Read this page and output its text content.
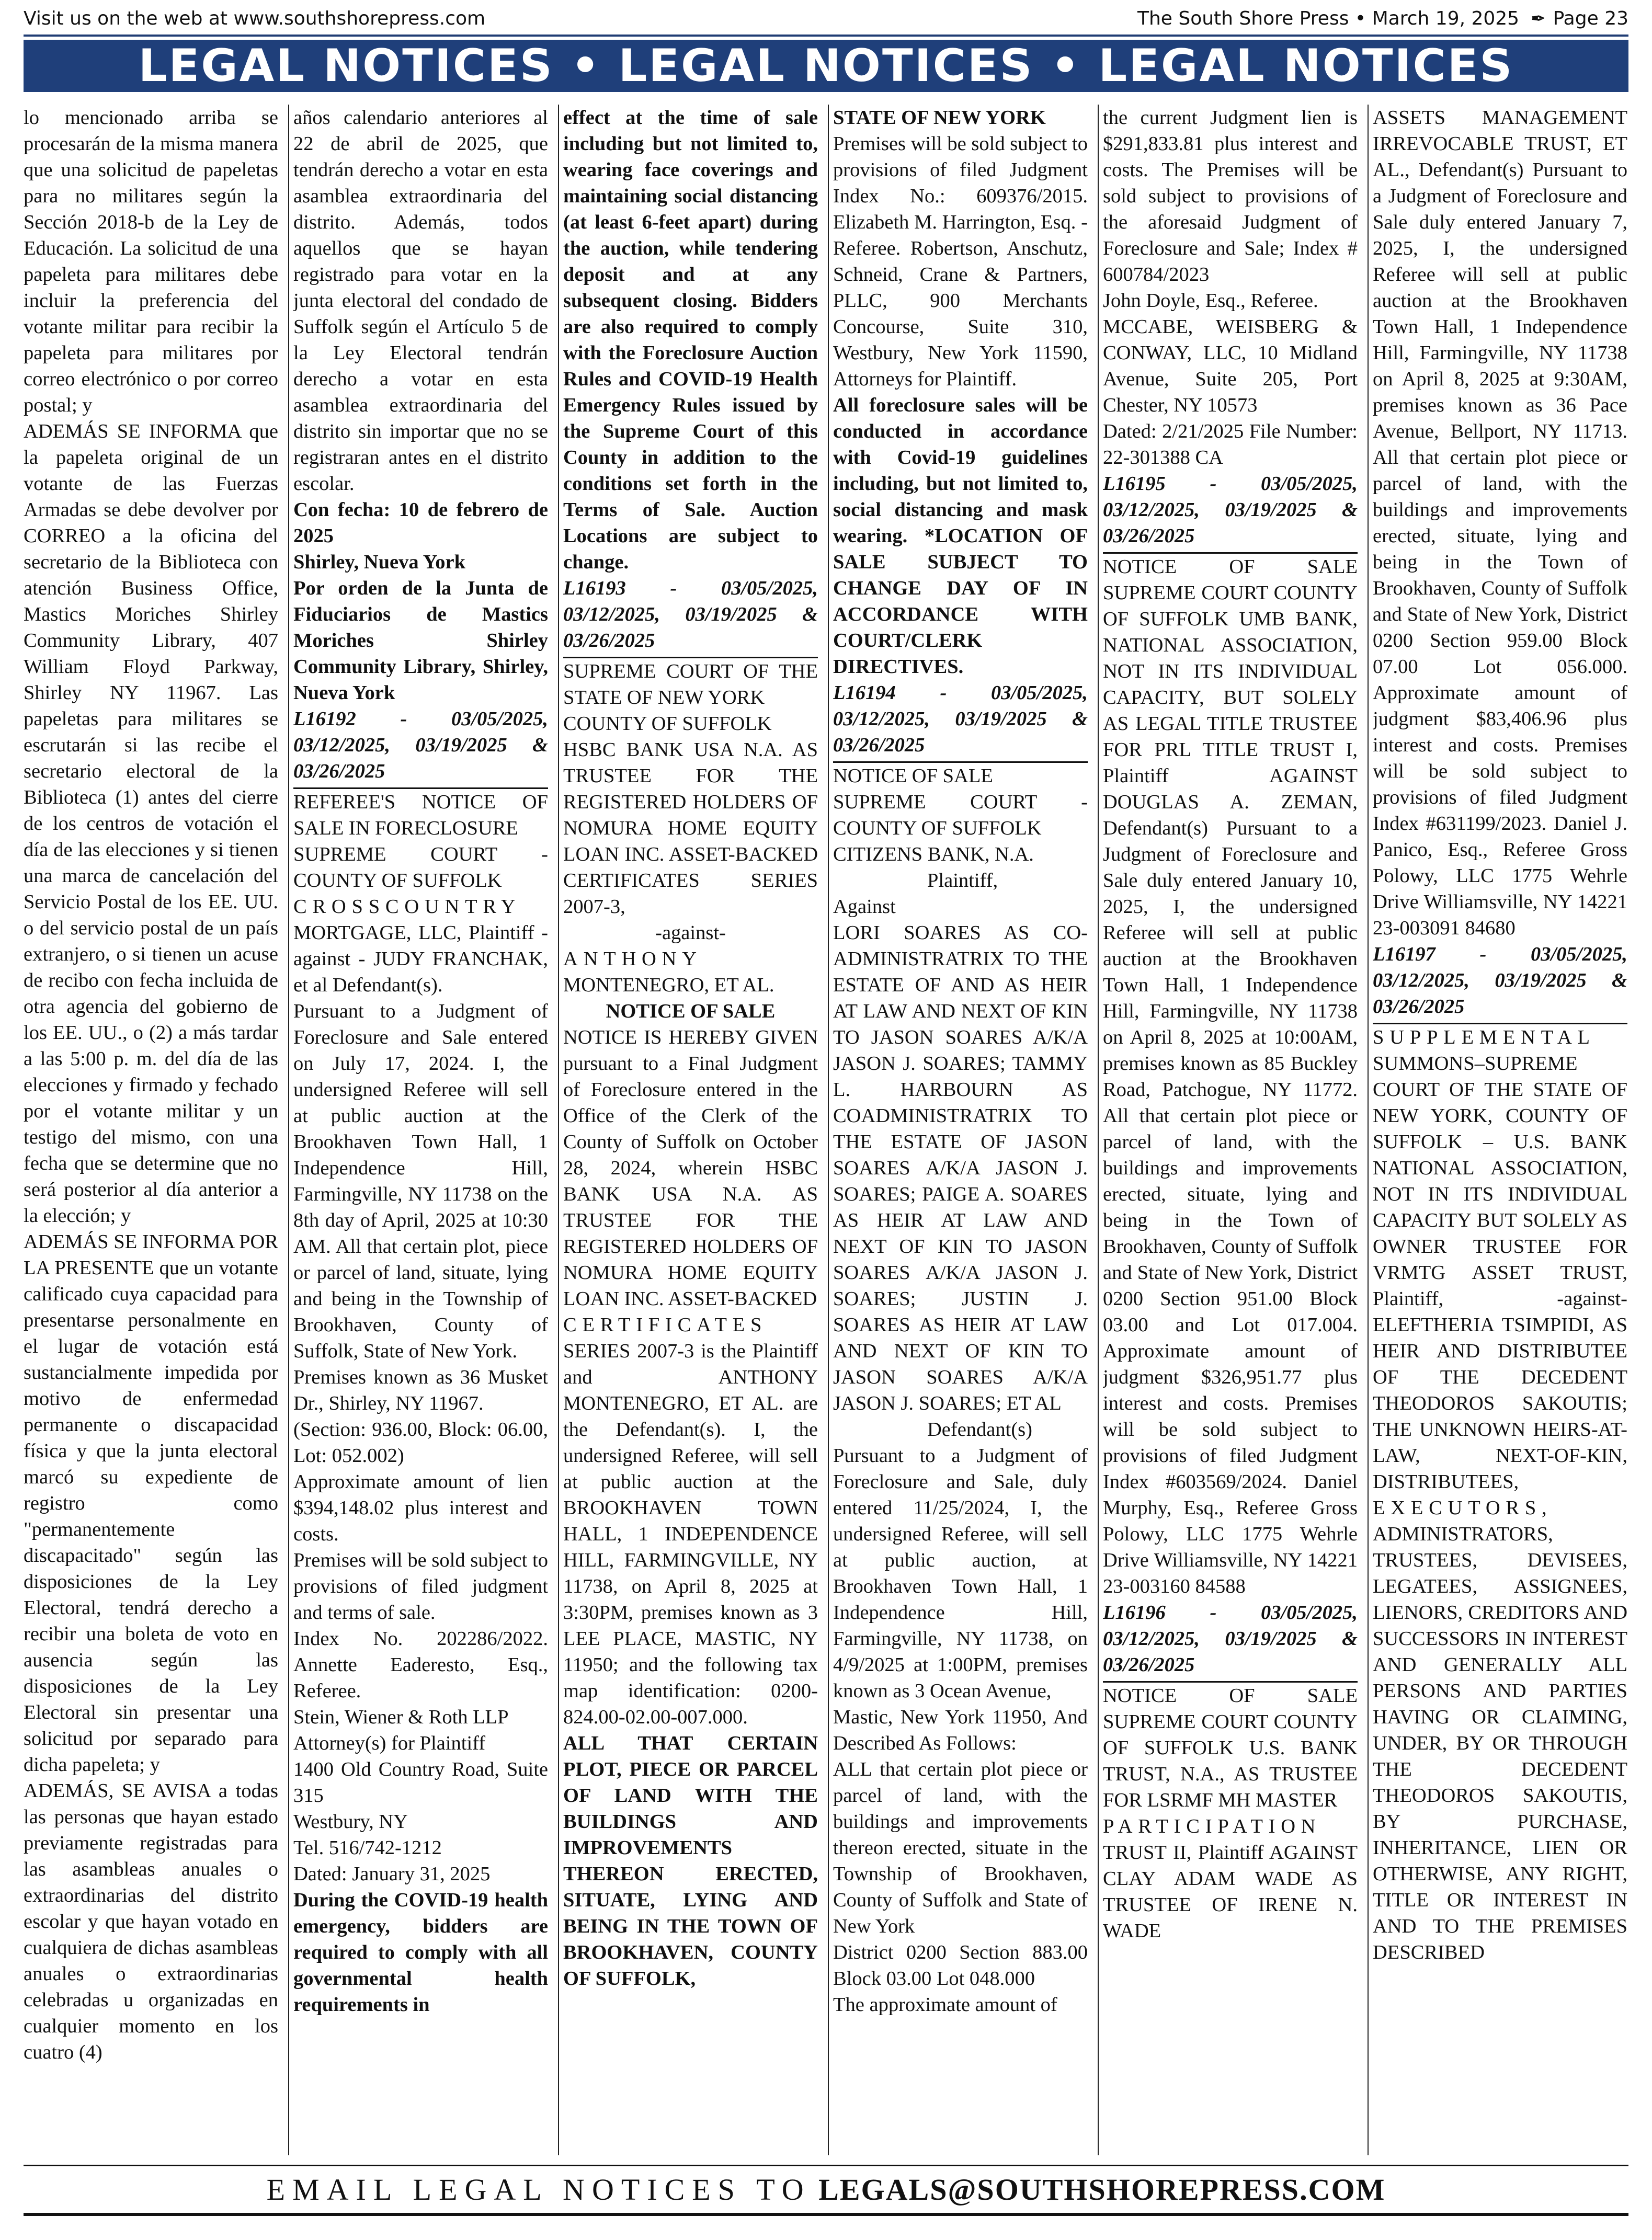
Visit us on the web at www.southshorepress.com	The South Shore Press • March 19, 2025 ✒ Page 23
LEGAL NOTICES • LEGAL NOTICES • LEGAL NOTICES

lo mencionado arriba se procesarán de la misma manera que una solicitud de papeletas para no militares según la Sección 2018-b de la Ley de Educación. La solicitud de una papeleta para militares debe incluir la preferencia del votante militar para recibir la papeleta para militares por correo electrónico o por correo postal; y

ADEMÁS SE INFORMA que la papeleta original de un votante de las Fuerzas Armadas se debe devolver por CORREO a la oficina del secretario de la Biblioteca con atención Business Office, Mastics Moriches Shirley Community Library, 407 William Floyd Parkway, Shirley NY 11967. Las papeletas para militares se escrutarán si las recibe el secretario electoral de la Biblioteca (1) antes del cierre de los centros de votación el día de las elecciones y si tienen una marca de cancelación del Servicio Postal de los EE. UU. o del servicio postal de un país extranjero, o si tienen un acuse de recibo con fecha incluida de otra agencia del gobierno de los EE. UU., o (2) a más tardar a las 5:00 p. m. del día de las elecciones y firmado y fechado por el votante militar y un testigo del mismo, con una fecha que se determine que no será posterior al día anterior a la elección; y

ADEMÁS SE INFORMA POR LA PRESENTE que un votante calificado cuya capacidad para presentarse personalmente en el lugar de votación está sustancialmente impedida por motivo de enfermedad permanente o discapacidad física y que la junta electoral marcó su expediente de registro como "permanentemente discapacitado" según las disposiciones de la Ley Electoral, tendrá derecho a recibir una boleta de voto en ausencia según las disposiciones de la Ley Electoral sin presentar una solicitud por separado para dicha papeleta; y

ADEMÁS, SE AVISA a todas las personas que hayan estado previamente registradas para las asambleas anuales o extraordinarias del distrito escolar y que hayan votado en cualquiera de dichas asambleas anuales o extraordinarias celebradas u organizadas en cualquier momento en los cuatro (4)

años calendario anteriores al 22 de abril de 2025, que tendrán derecho a votar en esta asamblea extraordinaria del distrito. Además, todos aquellos que se hayan registrado para votar en la junta electoral del condado de Suffolk según el Artículo 5 de la Ley Electoral tendrán derecho a votar en esta asamblea extraordinaria del distrito sin importar que no se registraran antes en el distrito escolar.

Con fecha: 10 de febrero de 2025

Shirley, Nueva York

Por orden de la Junta de Fiduciarios de Mastics Moriches Shirley Community Library, Shirley, Nueva York

L16192 - 03/05/2025, 03/12/2025, 03/19/2025 & 03/26/2025

REFEREE'S NOTICE OF SALE IN FORECLOSURE

SUPREME COURT - COUNTY OF SUFFOLK

CROSSCOUNTRY

MORTGAGE, LLC, Plaintiff - against - JUDY FRANCHAK, et al Defendant(s).

Pursuant to a Judgment of Foreclosure and Sale entered on July 17, 2024. I, the undersigned Referee will sell at public auction at the Brookhaven Town Hall, 1 Independence Hill, Farmingville, NY 11738 on the 8th day of April, 2025 at 10:30 AM. All that certain plot, piece or parcel of land, situate, lying and being in the Township of Brookhaven, County of Suffolk, State of New York.

Premises known as 36 Musket Dr., Shirley, NY 11967.

(Section: 936.00, Block: 06.00, Lot: 052.002)

Approximate amount of lien $394,148.02 plus interest and costs.

Premises will be sold subject to provisions of filed judgment and terms of sale.

Index No. 202286/2022. Annette Eaderesto, Esq., Referee.

Stein, Wiener & Roth LLP

Attorney(s) for Plaintiff

1400 Old Country Road, Suite 315

Westbury, NY

Tel. 516/742-1212

Dated: January 31, 2025

During the COVID-19 health emergency, bidders are required to comply with all governmental health requirements in

effect at the time of sale including but not limited to, wearing face coverings and maintaining social distancing (at least 6-feet apart) during the auction, while tendering deposit and at any subsequent closing. Bidders are also required to comply with the Foreclosure Auction Rules and COVID-19 Health Emergency Rules issued by the Supreme Court of this County in addition to the conditions set forth in the Terms of Sale. Auction Locations are subject to change.

L16193 - 03/05/2025, 03/12/2025, 03/19/2025 & 03/26/2025

SUPREME COURT OF THE STATE OF NEW YORK

COUNTY OF SUFFOLK

HSBC BANK USA N.A. AS TRUSTEE FOR THE REGISTERED HOLDERS OF NOMURA HOME EQUITY LOAN INC. ASSET-BACKED CERTIFICATES SERIES 2007-3,

-against-

ANTHONY

MONTENEGRO, ET AL.

NOTICE OF SALE

NOTICE IS HEREBY GIVEN pursuant to a Final Judgment of Foreclosure entered in the Office of the Clerk of the County of Suffolk on October 28, 2024, wherein HSBC BANK USA N.A. AS TRUSTEE FOR THE REGISTERED HOLDERS OF NOMURA HOME EQUITY LOAN INC. ASSET-BACKED

CERTIFICATES

SERIES 2007-3 is the Plaintiff and ANTHONY MONTENEGRO, ET AL. are the Defendant(s). I, the undersigned Referee, will sell at public auction at the BROOKHAVEN TOWN HALL, 1 INDEPENDENCE HILL, FARMINGVILLE, NY 11738, on April 8, 2025 at 3:30PM, premises known as 3 LEE PLACE, MASTIC, NY 11950; and the following tax map identification: 0200-824.00-02.00-007.000.

ALL THAT CERTAIN PLOT, PIECE OR PARCEL OF LAND WITH THE BUILDINGS AND IMPROVEMENTS THEREON ERECTED, SITUATE, LYING AND BEING IN THE TOWN OF BROOKHAVEN, COUNTY OF SUFFOLK,

STATE OF NEW YORK

Premises will be sold subject to provisions of filed Judgment Index No.: 609376/2015. Elizabeth M. Harrington, Esq. - Referee. Robertson, Anschutz, Schneid, Crane & Partners, PLLC, 900 Merchants Concourse, Suite 310, Westbury, New York 11590, Attorneys for Plaintiff.

All foreclosure sales will be conducted in accordance with Covid-19 guidelines including, but not limited to, social distancing and mask wearing. *LOCATION OF SALE SUBJECT TO CHANGE DAY OF IN ACCORDANCE WITH COURT/CLERK DIRECTIVES.

L16194 - 03/05/2025, 03/12/2025, 03/19/2025 & 03/26/2025

NOTICE OF SALE

SUPREME COURT - COUNTY OF SUFFOLK

CITIZENS BANK, N.A.

Plaintiff,

Against

LORI SOARES AS CO-ADMINISTRATRIX TO THE ESTATE OF AND AS HEIR AT LAW AND NEXT OF KIN TO JASON SOARES A/K/A JASON J. SOARES; TAMMY L. HARBOURN AS COADMINISTRATRIX TO THE ESTATE OF JASON SOARES A/K/A JASON J. SOARES; PAIGE A. SOARES AS HEIR AT LAW AND NEXT OF KIN TO JASON SOARES A/K/A JASON J. SOARES; JUSTIN J. SOARES AS HEIR AT LAW AND NEXT OF KIN TO JASON SOARES A/K/A JASON J. SOARES; ET AL

Defendant(s)

Pursuant to a Judgment of Foreclosure and Sale, duly entered 11/25/2024, I, the undersigned Referee, will sell at public auction, at Brookhaven Town Hall, 1 Independence Hill, Farmingville, NY 11738, on 4/9/2025 at 1:00PM, premises known as 3 Ocean Avenue,

Mastic, New York 11950, And Described As Follows:

ALL that certain plot piece or parcel of land, with the buildings and improvements thereon erected, situate in the Township of Brookhaven, County of Suffolk and State of New York

District 0200 Section 883.00 Block 03.00 Lot 048.000

The approximate amount of

the current Judgment lien is $291,833.81 plus interest and costs. The Premises will be sold subject to provisions of the aforesaid Judgment of Foreclosure and Sale; Index # 600784/2023

John Doyle, Esq., Referee.

MCCABE, WEISBERG & CONWAY, LLC, 10 Midland Avenue, Suite 205, Port Chester, NY 10573

Dated: 2/21/2025 File Number: 22-301388 CA

L16195 - 03/05/2025, 03/12/2025, 03/19/2025 & 03/26/2025

NOTICE OF SALE SUPREME COURT COUNTY OF SUFFOLK UMB BANK, NATIONAL ASSOCIATION, NOT IN ITS INDIVIDUAL CAPACITY, BUT SOLELY AS LEGAL TITLE TRUSTEE FOR PRL TITLE TRUST I, Plaintiff AGAINST DOUGLAS A. ZEMAN, Defendant(s) Pursuant to a Judgment of Foreclosure and Sale duly entered January 10, 2025, I, the undersigned Referee will sell at public auction at the Brookhaven Town Hall, 1 Independence Hill, Farmingville, NY 11738 on April 8, 2025 at 10:00AM, premises known as 85 Buckley Road, Patchogue, NY 11772. All that certain plot piece or parcel of land, with the buildings and improvements erected, situate, lying and being in the Town of Brookhaven, County of Suffolk and State of New York, District 0200 Section 951.00 Block 03.00 and Lot 017.004. Approximate amount of judgment $326,951.77 plus interest and costs. Premises will be sold subject to provisions of filed Judgment Index #603569/2024. Daniel Murphy, Esq., Referee Gross Polowy, LLC 1775 Wehrle Drive Williamsville, NY 14221 23-003160 84588

L16196 - 03/05/2025, 03/12/2025, 03/19/2025 & 03/26/2025

NOTICE OF SALE SUPREME COURT COUNTY OF SUFFOLK U.S. BANK TRUST, N.A., AS TRUSTEE FOR LSRMF MH MASTER

PARTICIPATION

TRUST II, Plaintiff AGAINST CLAY ADAM WADE AS TRUSTEE OF IRENE N. WADE

ASSETS MANAGEMENT IRREVOCABLE TRUST, ET AL., Defendant(s) Pursuant to a Judgment of Foreclosure and Sale duly entered January 7, 2025, I, the undersigned Referee will sell at public auction at the Brookhaven Town Hall, 1 Independence Hill, Farmingville, NY 11738 on April 8, 2025 at 9:30AM, premises known as 36 Pace Avenue, Bellport, NY 11713. All that certain plot piece or parcel of land, with the buildings and improvements erected, situate, lying and being in the Town of Brookhaven, County of Suffolk and State of New York, District 0200 Section 959.00 Block 07.00 Lot 056.000. Approximate amount of judgment $83,406.96 plus interest and costs. Premises will be sold subject to provisions of filed Judgment Index #631199/2023. Daniel J. Panico, Esq., Referee Gross Polowy, LLC 1775 Wehrle Drive Williamsville, NY 14221 23-003091 84680

L16197 - 03/05/2025, 03/12/2025, 03/19/2025 & 03/26/2025

SUPPLEMENTAL

SUMMONS–SUPREME COURT OF THE STATE OF NEW YORK, COUNTY OF SUFFOLK – U.S. BANK NATIONAL ASSOCIATION, NOT IN ITS INDIVIDUAL CAPACITY BUT SOLELY AS OWNER TRUSTEE FOR VRMTG ASSET TRUST, Plaintiff, -against- ELEFTHERIA TSIMPIDI, AS HEIR AND DISTRIBUTEE OF THE DECEDENT THEODOROS SAKOUTIS; THE UNKNOWN HEIRS-AT-LAW, NEXT-OF-KIN, DISTRIBUTEES,

EXECUTORS,

ADMINISTRATORS, TRUSTEES, DEVISEES, LEGATEES, ASSIGNEES, LIENORS, CREDITORS AND SUCCESSORS IN INTEREST AND GENERALLY ALL PERSONS AND PARTIES HAVING OR CLAIMING, UNDER, BY OR THROUGH THE DECEDENT THEODOROS SAKOUTIS, BY PURCHASE, INHERITANCE, LIEN OR OTHERWISE, ANY RIGHT, TITLE OR INTEREST IN AND TO THE PREMISES DESCRIBED

EMAIL LEGAL NOTICES TO LEGALS@SOUTHSHOREPRESS.COM
